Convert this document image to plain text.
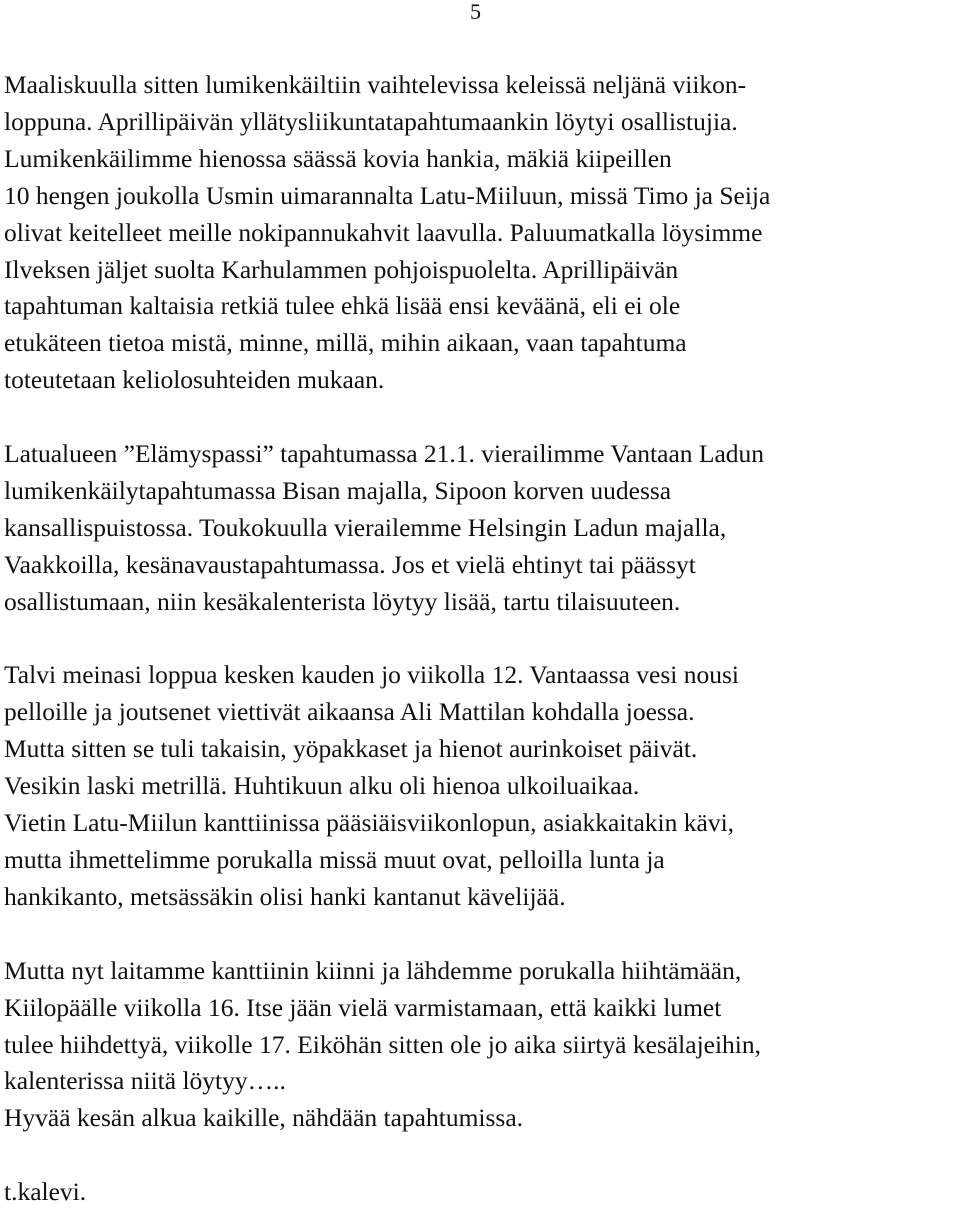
5

Maaliskuulla sitten lumikenkäiltiin vaihtelevissa keleissä neljänä viikon-
loppuna. Aprillipäivän yllätysliikuntatapahtumaankin löytyi osallistujia.
Lumikenkäilimme hienossa säässä kovia hankia, mäkiä kiipeillen
10 hengen joukolla Usmin uimarannalta Latu-Miiluun, missä Timo ja Seija
olivat keitelleet meille nokipannukahvit laavulla. Paluumatkalla löysimme
Ilveksen jäljet suolta Karhulammen pohjoispuolelta. Aprillipäivän
tapahtuman kaltaisia retkiä tulee ehkä lisää ensi keväänä, eli ei ole
etukäteen tietoa mistä, minne, millä, mihin aikaan, vaan tapahtuma
toteutetaan keliolosuhteiden mukaan.

Latualueen ”Elämyspassi” tapahtumassa 21.1. vierailimme Vantaan Ladun
lumikenkäilytapahtumassa Bisan majalla, Sipoon korven uudessa
kansallispuistossa. Toukokuulla vierailemme Helsingin Ladun majalla,
Vaakkoilla, kesänavaustapahtumassa. Jos et vielä ehtinyt tai päässyt
osallistumaan, niin kesäkalenterista löytyy lisää, tartu tilaisuuteen.

Talvi meinasi loppua kesken kauden jo viikolla 12. Vantaassa vesi nousi
pelloille ja joutsenet viettivät aikaansa Ali Mattilan kohdalla joessa.
Mutta sitten se tuli takaisin, yöpakkaset ja hienot aurinkoiset päivät.
Vesikin laski metrillä. Huhtikuun alku oli hienoa ulkoiluaikaa.
Vietin Latu-Miilun kanttiinissa pääsiäisviikonlopun, asiakkaitakin kävi,
mutta ihmettelimme porukalla missä muut ovat, pelloilla lunta ja
hankikanto, metsässäkin olisi hanki kantanut kävelijää.

Mutta nyt laitamme kanttiinin kiinni ja lähdemme porukalla hiihtämään,
Kiilopäälle viikolla 16. Itse jään vielä varmistamaan, että kaikki lumet
tulee hiihdettyä, viikolle 17. Eiköhän sitten ole jo aika siirtyä kesälajeihin,
kalenterissa niitä löytyy…..
Hyvää kesän alkua kaikille, nähdään tapahtumissa.

t.kalevi.
